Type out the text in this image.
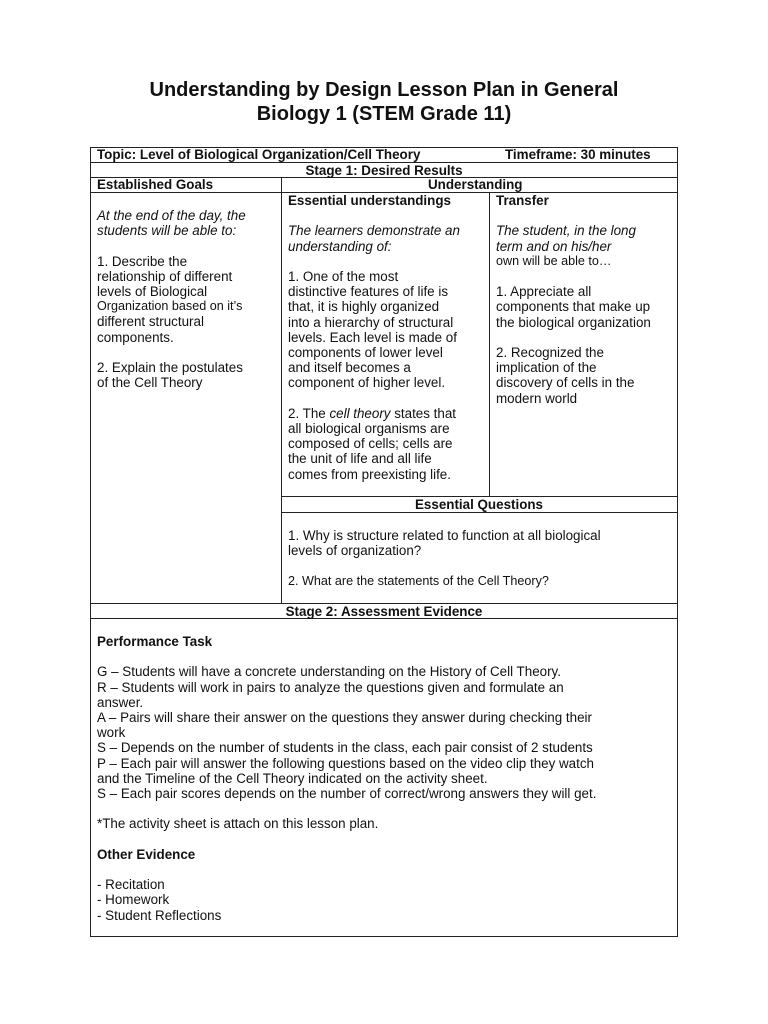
Understanding by Design Lesson Plan in General
Biology 1 (STEM Grade 11)
Topic: Level of Biological Organization/Cell Theory	Timeframe: 30 minutes
Stage 1: Desired Results
Established Goals	Understanding

At the end of the day, the

students will be able to:

1. Describe the

relationship of different

levels of Biological

Organization based on it’s

different structural

components.

2. Explain the postulates

of the Cell Theory

Essential understandings

The learners demonstrate an

understanding of:

1. One of the most

distinctive features of life is

that, it is highly organized

into a hierarchy of structural

levels. Each level is made of

components of lower level

and itself becomes a

component of higher level.

2. The cell theory states that

all biological organisms are

composed of cells; cells are

the unit of life and all life

comes from preexisting life.

Transfer

The student, in the long

term and on his/her

own will be able to…

1. Appreciate all

components that make up

the biological organization

2. Recognized the

implication of the

discovery of cells in the

modern world

Essential Questions

1. Why is structure related to function at all biological

levels of organization?

2. What are the statements of the Cell Theory?

Stage 2: Assessment Evidence

Performance Task

G – Students will have a concrete understanding on the History of Cell Theory.

R – Students will work in pairs to analyze the questions given and formulate an

answer.

A – Pairs will share their answer on the questions they answer during checking their

work

S – Depends on the number of students in the class, each pair consist of 2 students

P – Each pair will answer the following questions based on the video clip they watch

and the Timeline of the Cell Theory indicated on the activity sheet.

S – Each pair scores depends on the number of correct/wrong answers they will get.

*The activity sheet is attach on this lesson plan.

Other Evidence

- Recitation

- Homework

- Student Reflections
